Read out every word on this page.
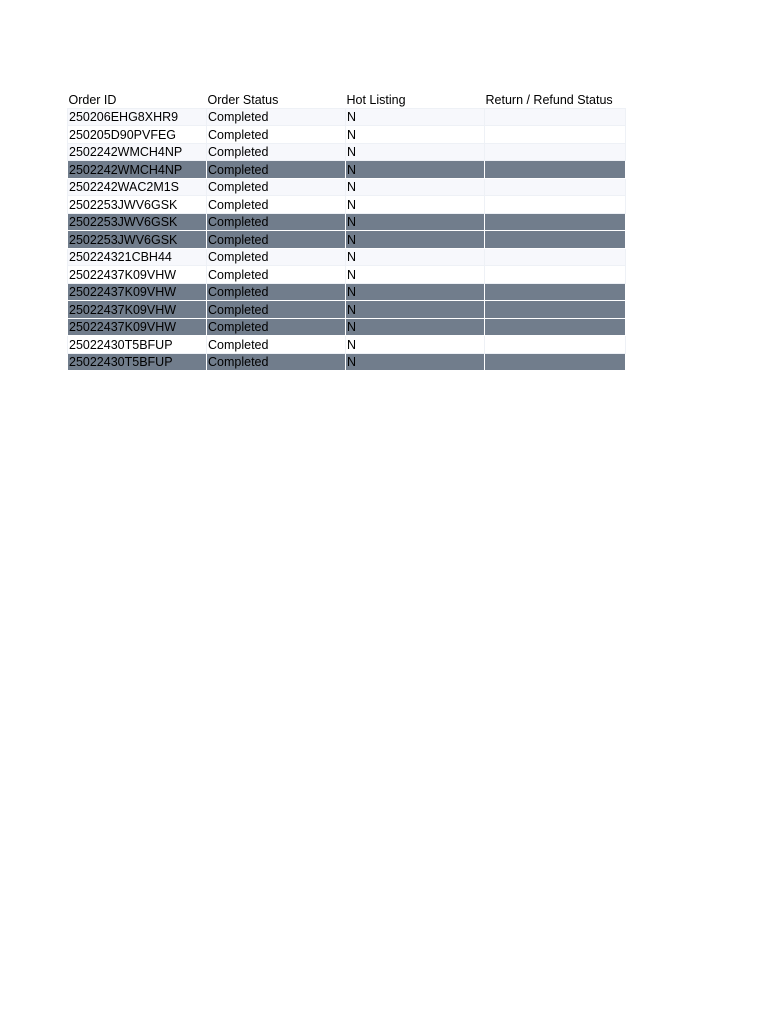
Order ID	Order Status	Hot Listing	Return / Refund Status
250206EHG8XHR9	Completed	N	
250205D90PVFEG	Completed	N	
2502242WMCH4NP	Completed	N	
2502242WMCH4NP	Completed	N	
2502242WAC2M1S	Completed	N	
2502253JWV6GSK	Completed	N	
2502253JWV6GSK	Completed	N	
2502253JWV6GSK	Completed	N	
250224321CBH44	Completed	N	
25022437K09VHW	Completed	N	
25022437K09VHW	Completed	N	
25022437K09VHW	Completed	N	
25022437K09VHW	Completed	N	
25022430T5BFUP	Completed	N	
25022430T5BFUP	Completed	N	
